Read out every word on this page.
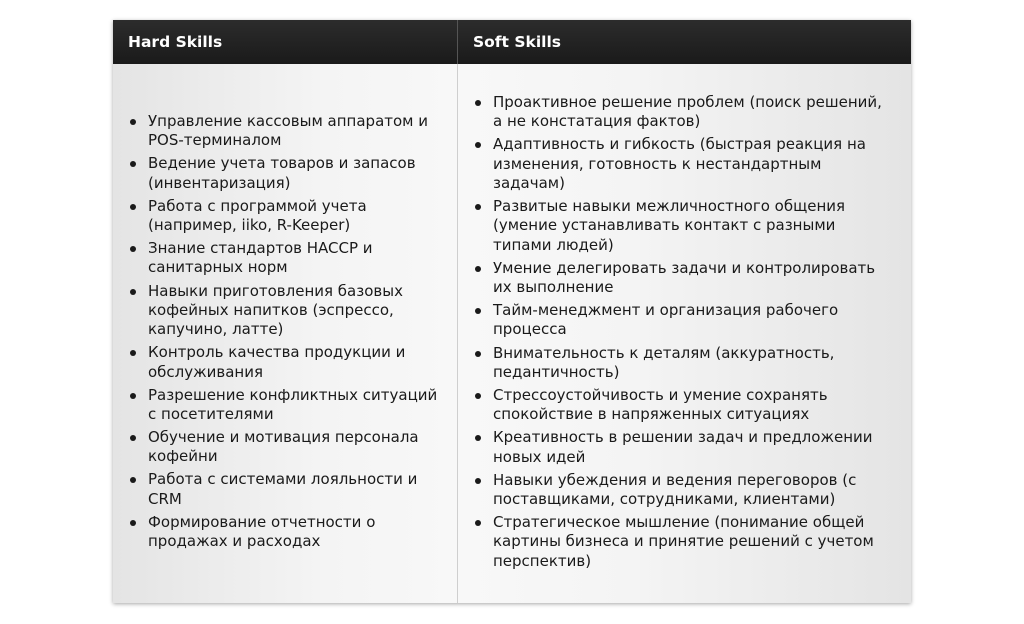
Hard Skills	Soft Skills
Управление кассовым аппаратом и POS-терминалом
Ведение учета товаров и запасов (инвентаризация)
Работа с программой учета (например, iiko, R-Keeper)
Знание стандартов HACCP и санитарных норм
Навыки приготовления базовых кофейных напитков (эспрессо, капучино, латте)
Контроль качества продукции и обслуживания
Разрешение конфликтных ситуаций с посетителями
Обучение и мотивация персонала кофейни
Работа с системами лояльности и CRM
Формирование отчетности о продажах и расходах
Проактивное решение проблем (поиск решений, а не констатация фактов)
Адаптивность и гибкость (быстрая реакция на изменения, готовность к нестандартным задачам)
Развитые навыки межличностного общения (умение устанавливать контакт с разными типами людей)
Умение делегировать задачи и контролировать их выполнение
Тайм-менеджмент и организация рабочего процесса
Внимательность к деталям (аккуратность, педантичность)
Стрессоустойчивость и умение сохранять спокойствие в напряженных ситуациях
Креативность в решении задач и предложении новых идей
Навыки убеждения и ведения переговоров (с поставщиками, сотрудниками, клиентами)
Стратегическое мышление (понимание общей картины бизнеса и принятие решений с учетом перспектив)
